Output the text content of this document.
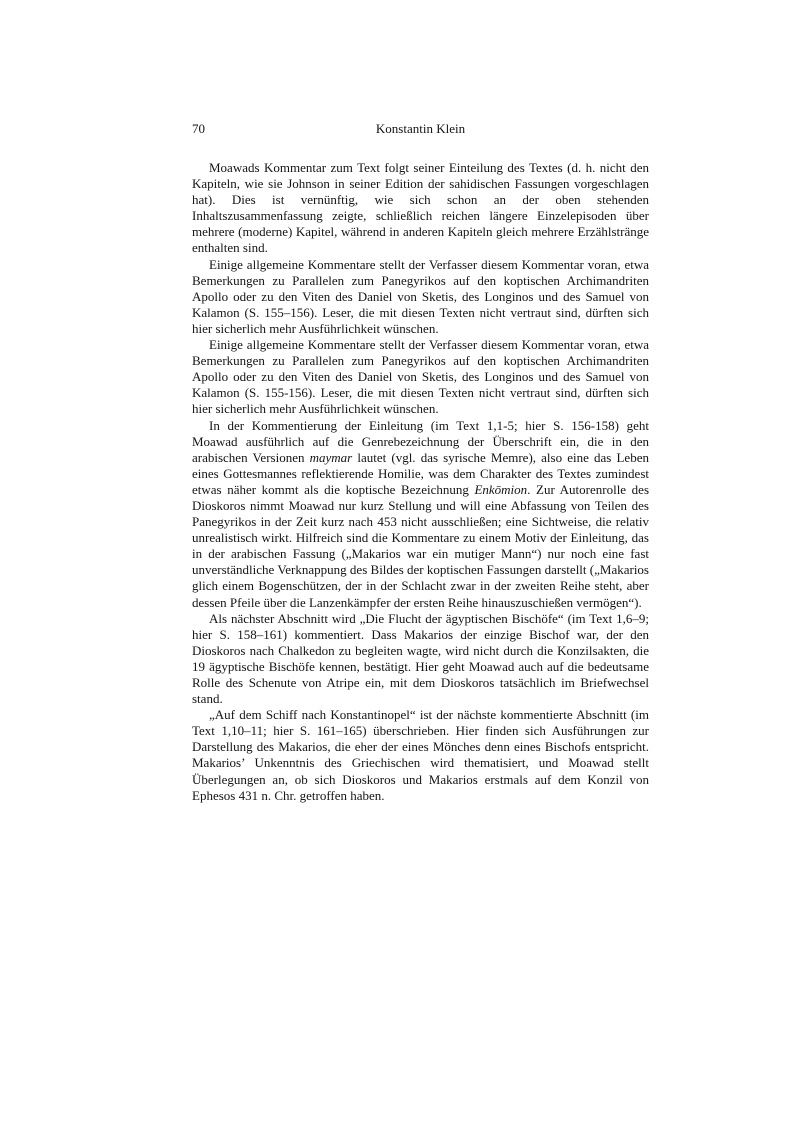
70	Konstantin Klein

Moawads Kommentar zum Text folgt seiner Einteilung des Textes (d. h. nicht den Kapiteln, wie sie Johnson in seiner Edition der sahidischen Fassungen vorgeschlagen hat). Dies ist vernünftig, wie sich schon an der oben stehenden Inhaltszusammenfassung zeigte, schließlich reichen längere Einzelepisoden über mehrere (moderne) Kapitel, während in anderen Kapiteln gleich mehrere Erzählstränge enthalten sind.

Einige allgemeine Kommentare stellt der Verfasser diesem Kommentar voran, etwa Bemerkungen zu Parallelen zum Panegyrikos auf den koptischen Archimandriten Apollo oder zu den Viten des Daniel von Sketis, des Longinos und des Samuel von Kalamon (S. 155–156). Leser, die mit diesen Texten nicht vertraut sind, dürften sich hier sicherlich mehr Ausführlichkeit wünschen.

Einige allgemeine Kommentare stellt der Verfasser diesem Kommentar voran, etwa Bemerkungen zu Parallelen zum Panegyrikos auf den koptischen Archimandriten Apollo oder zu den Viten des Daniel von Sketis, des Longinos und des Samuel von Kalamon (S. 155-156). Leser, die mit diesen Texten nicht vertraut sind, dürften sich hier sicherlich mehr Ausführlichkeit wünschen.

In der Kommentierung der Einleitung (im Text 1,1-5; hier S. 156-158) geht Moawad ausführlich auf die Genrebezeichnung der Überschrift ein, die in den arabischen Versionen maymar lautet (vgl. das syrische Memre), also eine das Leben eines Gottesmannes reflektierende Homilie, was dem Charakter des Textes zumindest etwas näher kommt als die koptische Bezeichnung Enkōmion. Zur Autorenrolle des Dioskoros nimmt Moawad nur kurz Stellung und will eine Abfassung von Teilen des Panegyrikos in der Zeit kurz nach 453 nicht ausschließen; eine Sichtweise, die relativ unrealistisch wirkt. Hilfreich sind die Kommentare zu einem Motiv der Einleitung, das in der arabischen Fassung („Makarios war ein mutiger Mann“) nur noch eine fast unverständliche Verknappung des Bildes der koptischen Fassungen darstellt („Makarios glich einem Bogenschützen, der in der Schlacht zwar in der zweiten Reihe steht, aber dessen Pfeile über die Lanzenkämpfer der ersten Reihe hinauszuschießen vermögen“).

Als nächster Abschnitt wird „Die Flucht der ägyptischen Bischöfe“ (im Text 1,6–9; hier S. 158–161) kommentiert. Dass Makarios der einzige Bischof war, der den Dioskoros nach Chalkedon zu begleiten wagte, wird nicht durch die Konzilsakten, die 19 ägyptische Bischöfe kennen, bestätigt. Hier geht Moawad auch auf die bedeutsame Rolle des Schenute von Atripe ein, mit dem Dioskoros tatsächlich im Briefwechsel stand.

„Auf dem Schiff nach Konstantinopel“ ist der nächste kommentierte Abschnitt (im Text 1,10–11; hier S. 161–165) überschrieben. Hier finden sich Ausführungen zur Darstellung des Makarios, die eher der eines Mönches denn eines Bischofs entspricht. Makarios’ Unkenntnis des Griechischen wird thematisiert, und Moawad stellt Überlegungen an, ob sich Dioskoros und Makarios erstmals auf dem Konzil von Ephesos 431 n. Chr. getroffen haben.
